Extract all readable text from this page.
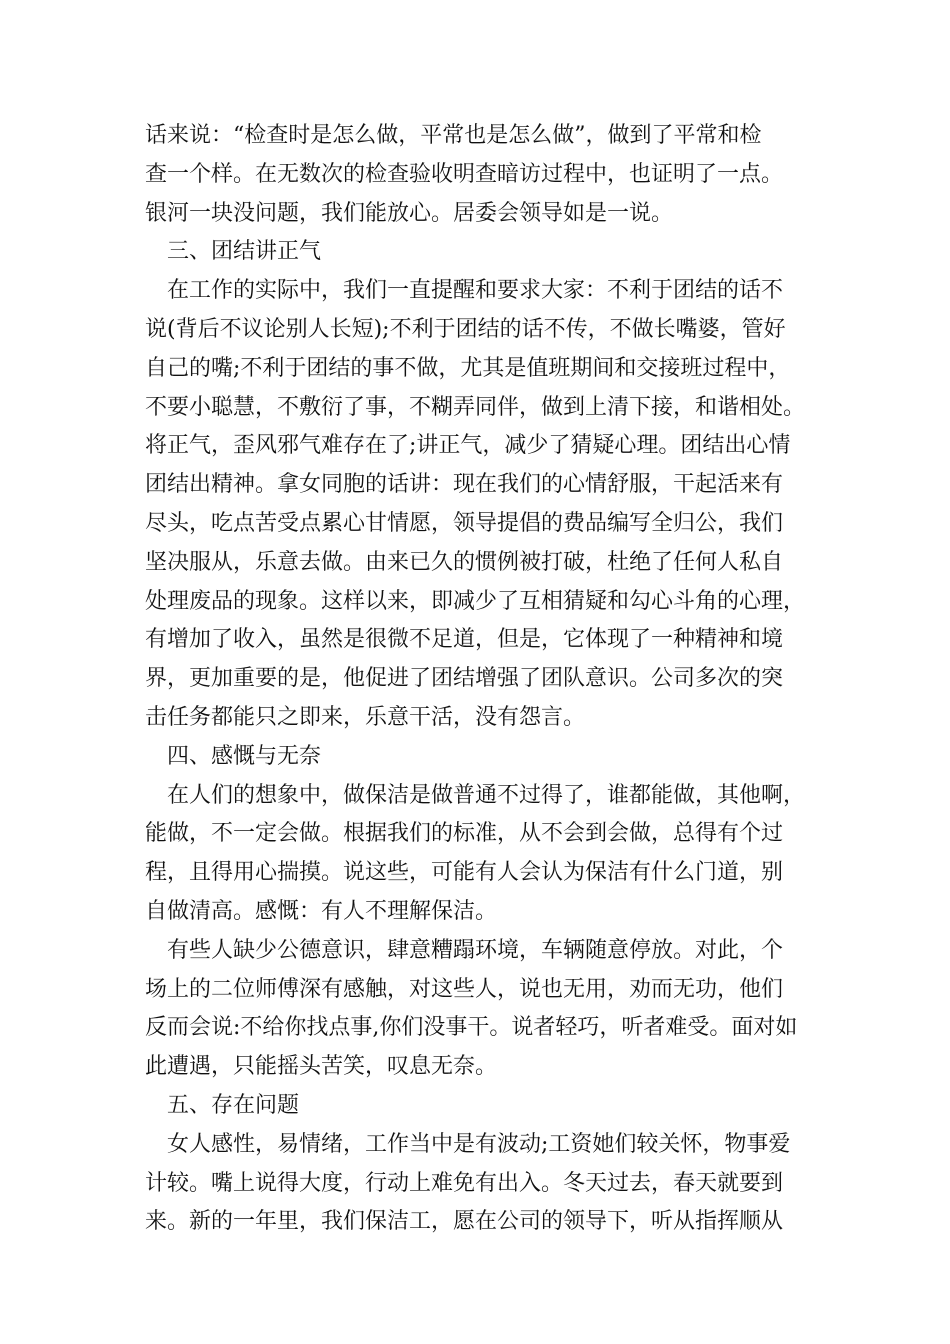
话来说：“检查时是怎么做，平常也是怎么做”，做到了平常和检
查一个样。在无数次的检查验收明查暗访过程中，也证明了一点。
银河一块没问题，我们能放心。居委会领导如是一说。
三、团结讲正气
在工作的实际中，我们一直提醒和要求大家：不利于团结的话不
说(背后不议论别人长短);不利于团结的话不传，不做长嘴婆，管好
自己的嘴;不利于团结的事不做，尤其是值班期间和交接班过程中，
不要小聪慧，不敷衍了事，不糊弄同伴，做到上清下接，和谐相处。
将正气，歪风邪气难存在了;讲正气，减少了猜疑心理。团结出心情
团结出精神。拿女同胞的话讲：现在我们的心情舒服，干起活来有
尽头，吃点苦受点累心甘情愿，领导提倡的费品编写全归公，我们
坚决服从，乐意去做。由来已久的惯例被打破，杜绝了任何人私自
处理废品的现象。这样以来，即减少了互相猜疑和勾心斗角的心理，
有增加了收入，虽然是很微不足道，但是，它体现了一种精神和境
界，更加重要的是，他促进了团结增强了团队意识。公司多次的突
击任务都能只之即来，乐意干活，没有怨言。
四、感慨与无奈
在人们的想象中，做保洁是做普通不过得了，谁都能做，其他啊，
能做，不一定会做。根据我们的标准，从不会到会做，总得有个过
程，且得用心揣摸。说这些，可能有人会认为保洁有什么门道，别
自做清高。感慨：有人不理解保洁。
有些人缺少公德意识，肆意糟蹋环境，车辆随意停放。对此，个
场上的二位师傅深有感触，对这些人，说也无用，劝而无功，他们
反而会说:不给你找点事,你们没事干。说者轻巧，听者难受。面对如
此遭遇，只能摇头苦笑，叹息无奈。
五、存在问题
女人感性，易情绪，工作当中是有波动;工资她们较关怀，物事爱
计较。嘴上说得大度，行动上难免有出入。冬天过去，春天就要到
来。新的一年里，我们保洁工，愿在公司的领导下，听从指挥顺从
